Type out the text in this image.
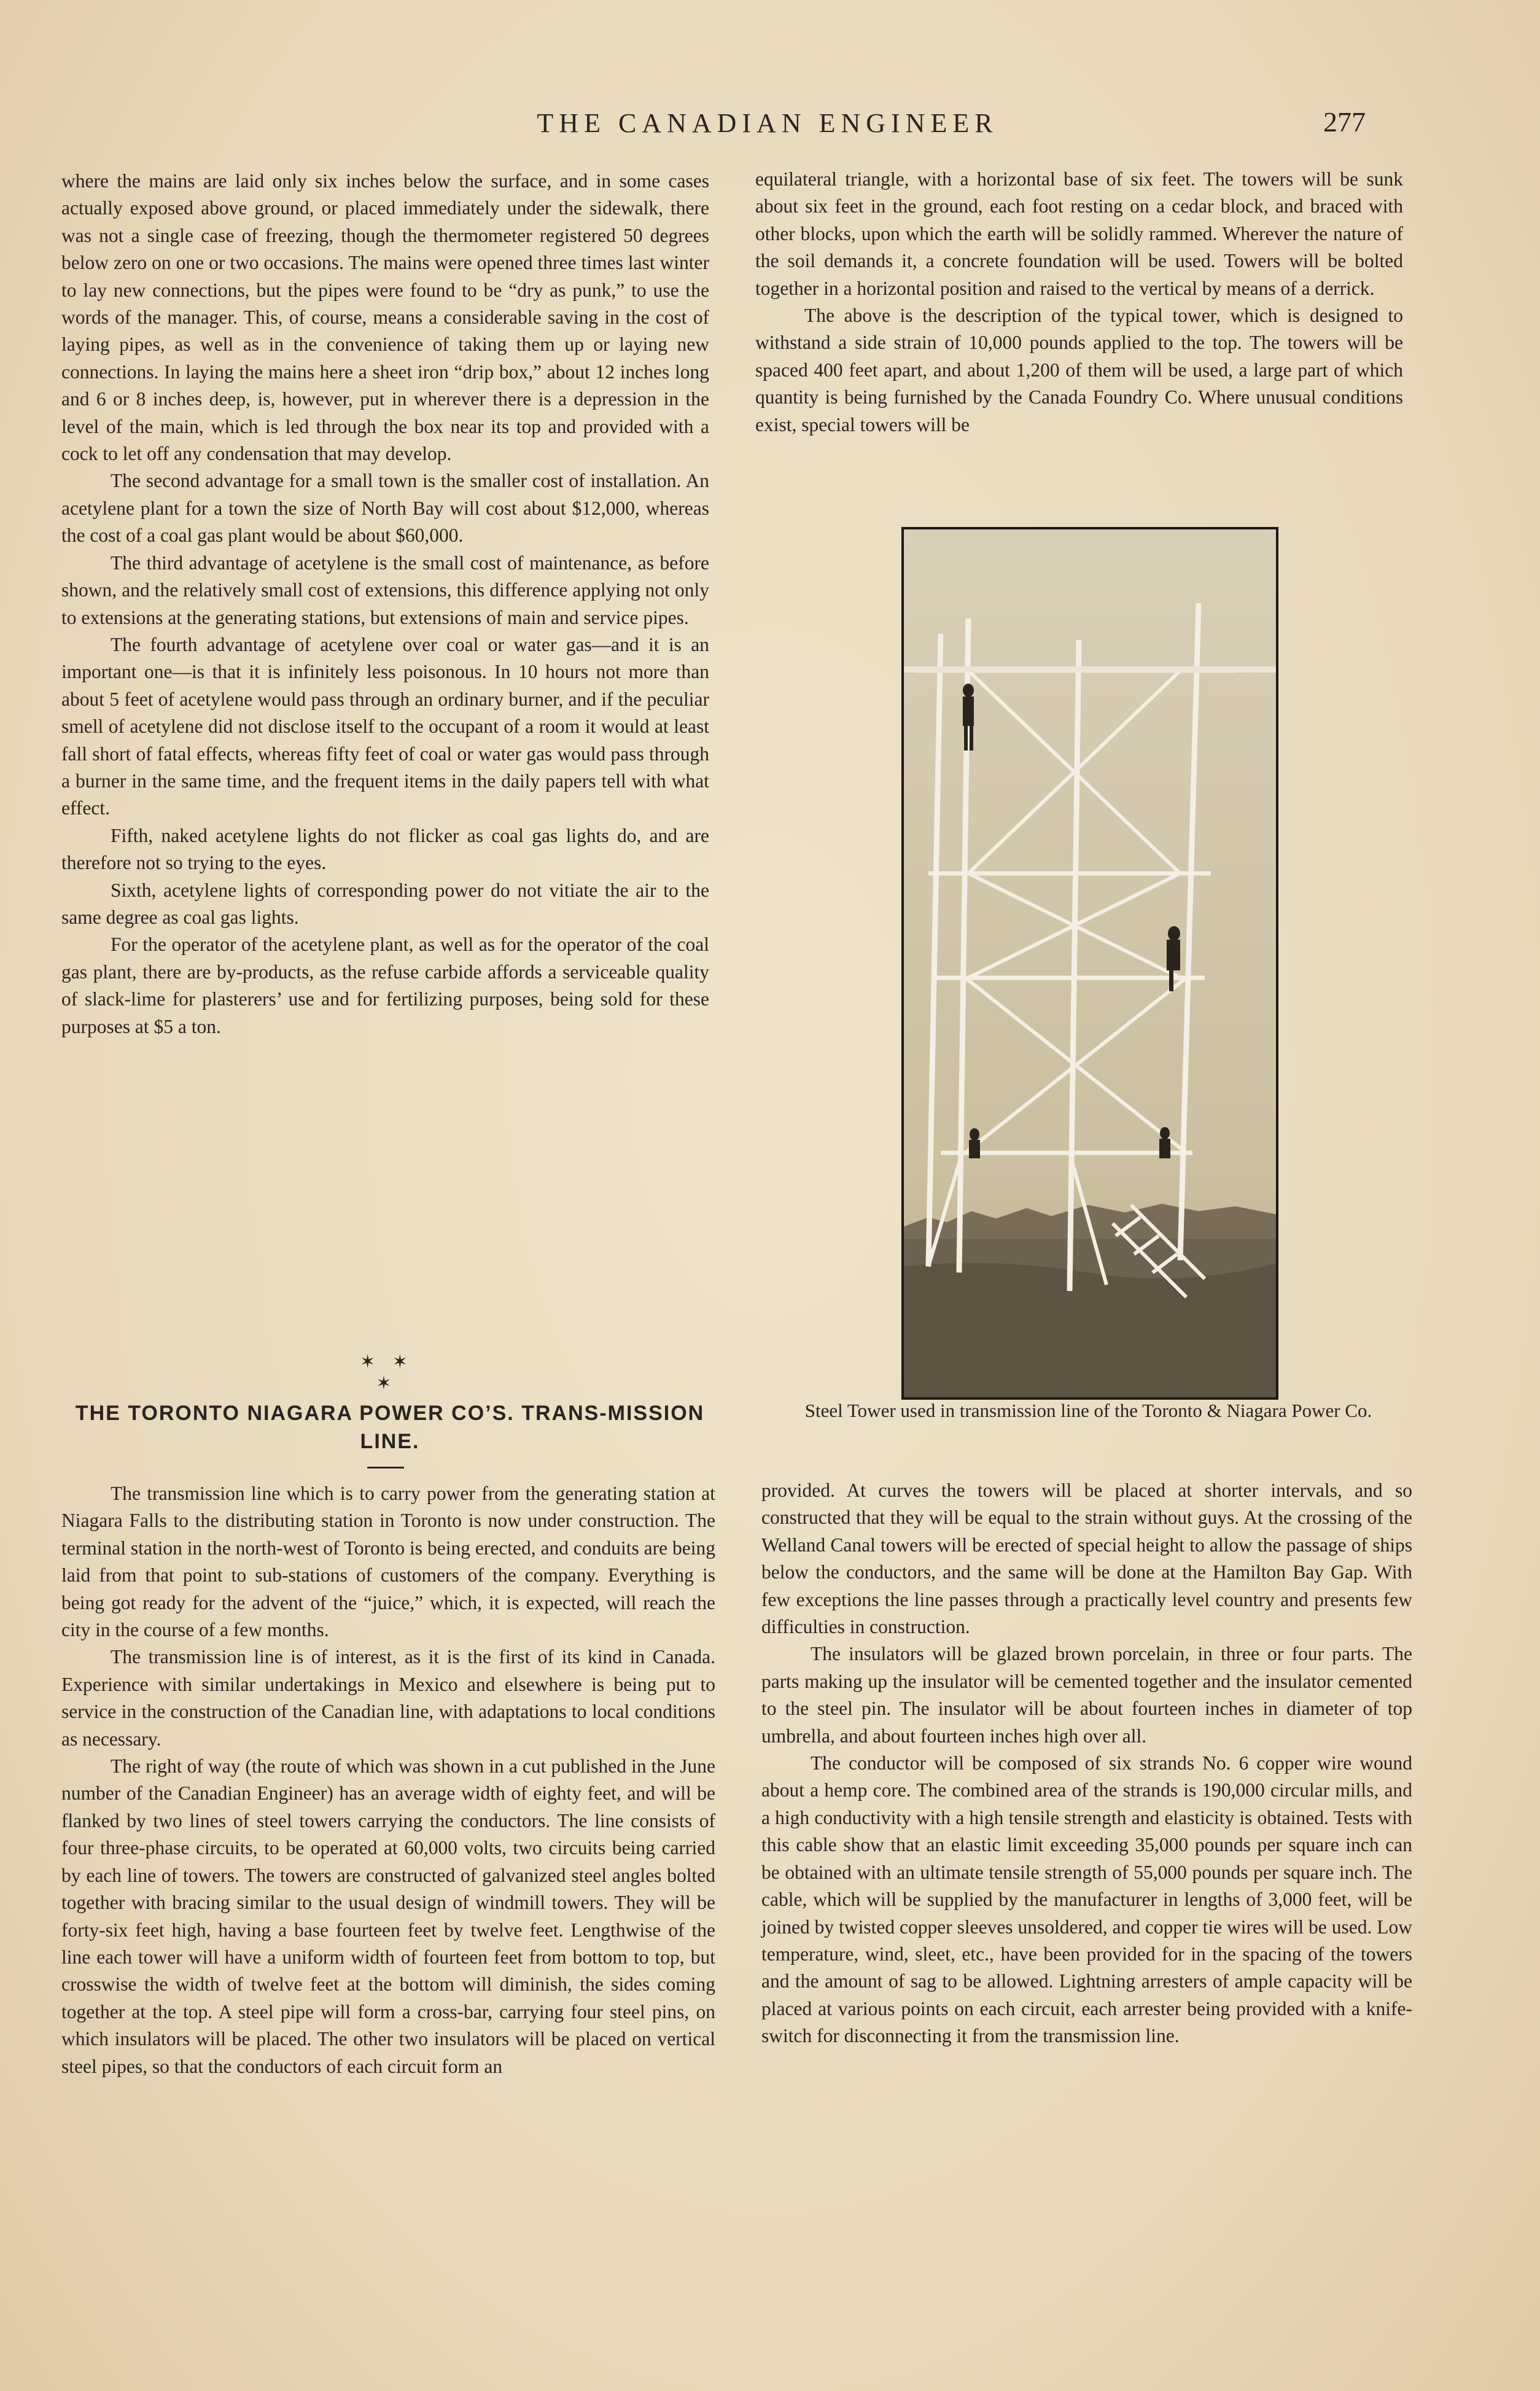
THE CANADIAN ENGINEER	277

where the mains are laid only six inches below the surface, and in some cases actually exposed above ground, or placed immediately under the sidewalk, there was not a single case of freezing, though the thermometer registered 50 degrees below zero on one or two occasions. The mains were opened three times last winter to lay new connections, but the pipes were found to be “dry as punk,” to use the words of the manager. This, of course, means a considerable saving in the cost of laying pipes, as well as in the convenience of taking them up or laying new connections. In laying the mains here a sheet iron “drip box,” about 12 inches long and 6 or 8 inches deep, is, however, put in wherever there is a depression in the level of the main, which is led through the box near its top and provided with a cock to let off any condensation that may develop.

The second advantage for a small town is the smaller cost of installation. An acetylene plant for a town the size of North Bay will cost about $12,000, whereas the cost of a coal gas plant would be about $60,000.

The third advantage of acetylene is the small cost of maintenance, as before shown, and the relatively small cost of extensions, this difference applying not only to extensions at the generating stations, but extensions of main and service pipes.

The fourth advantage of acetylene over coal or water gas—and it is an important one—is that it is infinitely less poisonous. In 10 hours not more than about 5 feet of acetylene would pass through an ordinary burner, and if the peculiar smell of acetylene did not disclose itself to the occupant of a room it would at least fall short of fatal effects, whereas fifty feet of coal or water gas would pass through a burner in the same time, and the frequent items in the daily papers tell with what effect.

Fifth, naked acetylene lights do not flicker as coal gas lights do, and are therefore not so trying to the eyes.

Sixth, acetylene lights of corresponding power do not vitiate the air to the same degree as coal gas lights.

For the operator of the acetylene plant, as well as for the operator of the coal gas plant, there are by-products, as the refuse carbide affords a serviceable quality of slack-lime for plasterers’ use and for fertilizing purposes, being sold for these purposes at $5 a ton.

✶ ✶ ✶
THE TORONTO NIAGARA POWER CO’S. TRANS-MISSION LINE.

The transmission line which is to carry power from the generating station at Niagara Falls to the distributing station in Toronto is now under construction. The terminal station in the north-west of Toronto is being erected, and conduits are being laid from that point to sub-stations of customers of the company. Everything is being got ready for the advent of the “juice,” which, it is expected, will reach the city in the course of a few months.

The transmission line is of interest, as it is the first of its kind in Canada. Experience with similar undertakings in Mexico and elsewhere is being put to service in the construction of the Canadian line, with adaptations to local conditions as necessary.

The right of way (the route of which was shown in a cut published in the June number of the Canadian Engineer) has an average width of eighty feet, and will be flanked by two lines of steel towers carrying the conductors. The line consists of four three-phase circuits, to be operated at 60,000 volts, two circuits being carried by each line of towers. The towers are constructed of galvanized steel angles bolted together with bracing similar to the usual design of windmill towers. They will be forty-six feet high, having a base fourteen feet by twelve feet. Lengthwise of the line each tower will have a uniform width of fourteen feet from bottom to top, but crosswise the width of twelve feet at the bottom will diminish, the sides coming together at the top. A steel pipe will form a cross-bar, carrying four steel pins, on which insulators will be placed. The other two insulators will be placed on vertical steel pipes, so that the conductors of each circuit form an

equilateral triangle, with a horizontal base of six feet. The towers will be sunk about six feet in the ground, each foot resting on a cedar block, and braced with other blocks, upon which the earth will be solidly rammed. Wherever the nature of the soil demands it, a concrete foundation will be used. Towers will be bolted together in a horizontal position and raised to the vertical by means of a derrick.

The above is the description of the typical tower, which is designed to withstand a side strain of 10,000 pounds applied to the top. The towers will be spaced 400 feet apart, and about 1,200 of them will be used, a large part of which quantity is being furnished by the Canada Foundry Co. Where unusual conditions exist, special towers will be

Steel Tower used in transmission line of the Toronto & Niagara Power Co.

provided. At curves the towers will be placed at shorter intervals, and so constructed that they will be equal to the strain without guys. At the crossing of the Welland Canal towers will be erected of special height to allow the passage of ships below the conductors, and the same will be done at the Hamilton Bay Gap. With few exceptions the line passes through a practically level country and presents few difficulties in construction.

The insulators will be glazed brown porcelain, in three or four parts. The parts making up the insulator will be cemented together and the insulator cemented to the steel pin. The insulator will be about fourteen inches in diameter of top umbrella, and about fourteen inches high over all.

The conductor will be composed of six strands No. 6 copper wire wound about a hemp core. The combined area of the strands is 190,000 circular mills, and a high conductivity with a high tensile strength and elasticity is obtained. Tests with this cable show that an elastic limit exceeding 35,000 pounds per square inch can be obtained with an ultimate tensile strength of 55,000 pounds per square inch. The cable, which will be supplied by the manufacturer in lengths of 3,000 feet, will be joined by twisted copper sleeves unsoldered, and copper tie wires will be used. Low temperature, wind, sleet, etc., have been provided for in the spacing of the towers and the amount of sag to be allowed. Lightning arresters of ample capacity will be placed at various points on each circuit, each arrester being provided with a knife-switch for disconnecting it from the transmission line.
